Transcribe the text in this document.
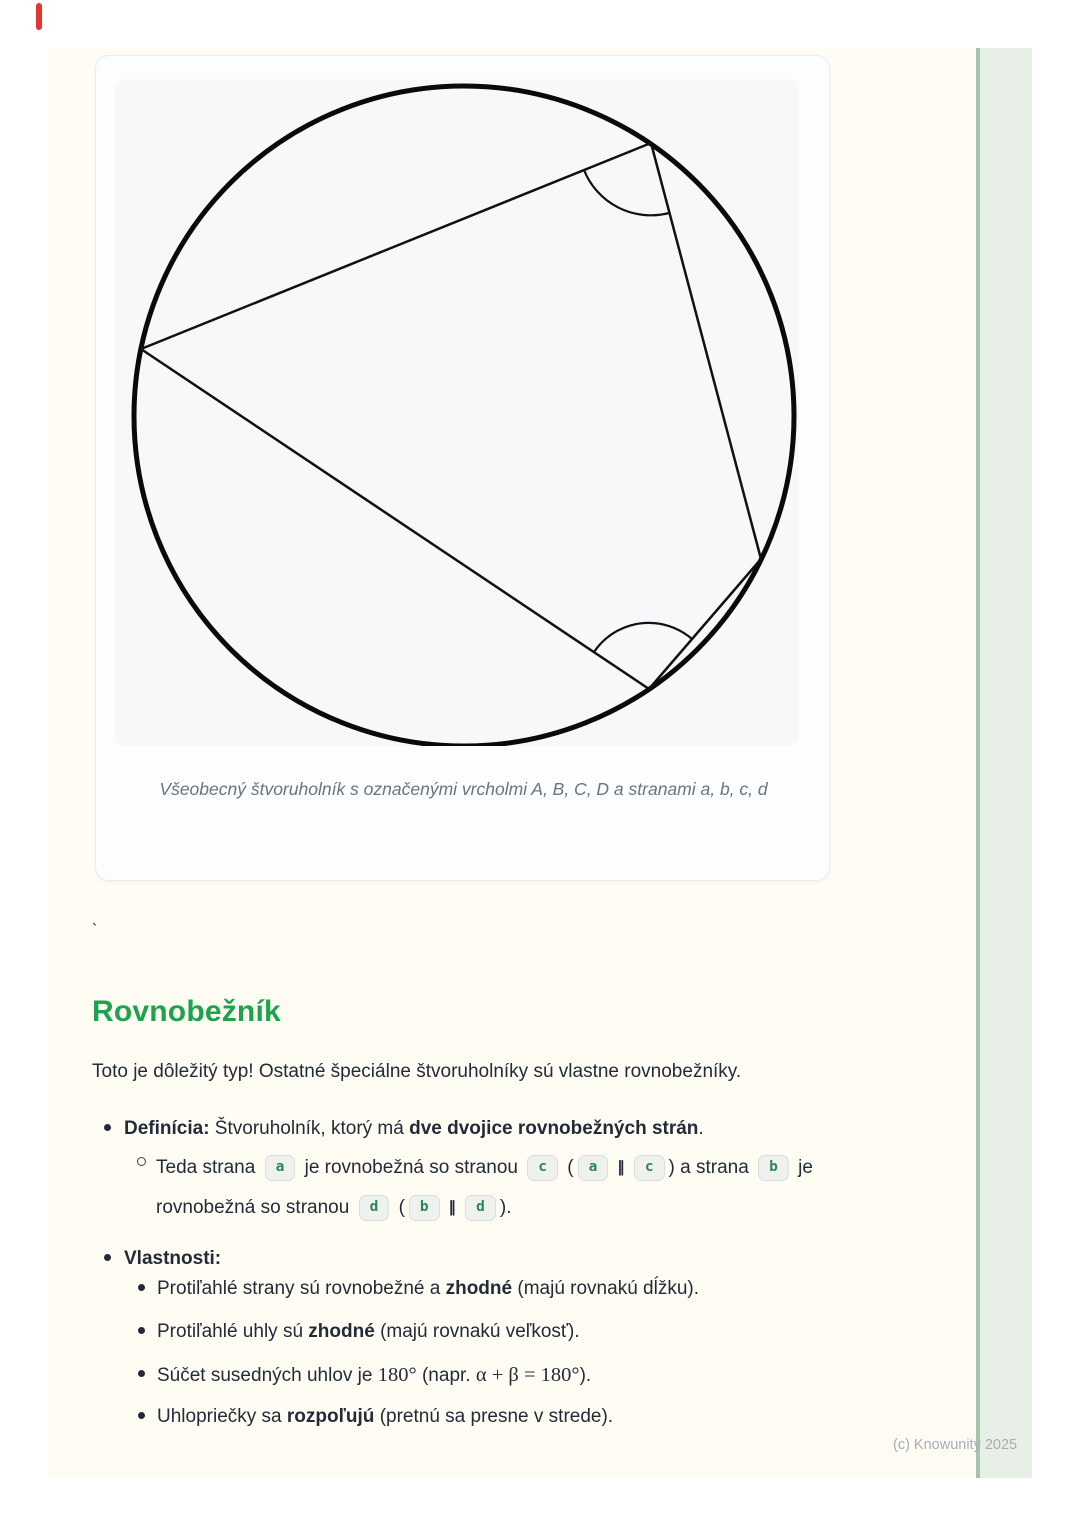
Všeobecný štvoruholník s označenými vrcholmi A, B, C, D a stranami a, b, c, d
`
Rovnobežník

Toto je dôležitý typ! Ostatné špeciálne štvoruholníky sú vlastne rovnobežníky.

Definícia: Štvoruholník, ktorý má dve dvojice rovnobežných strán.

Teda strana a je rovnobežná so stranou c ( a ∥ c ) a strana b je rovnobežná so stranou d ( b ∥ d ).

Vlastnosti:

Protiľahlé strany sú rovnobežné a zhodné (majú rovnakú dĺžku).

Protiľahlé uhly sú zhodné (majú rovnakú veľkosť).

Súčet susedných uhlov je 180° (napr. α + β = 180°).

Uhlopriečky sa rozpoľujú (pretnú sa presne v strede).

(c) Knowunity 2025
